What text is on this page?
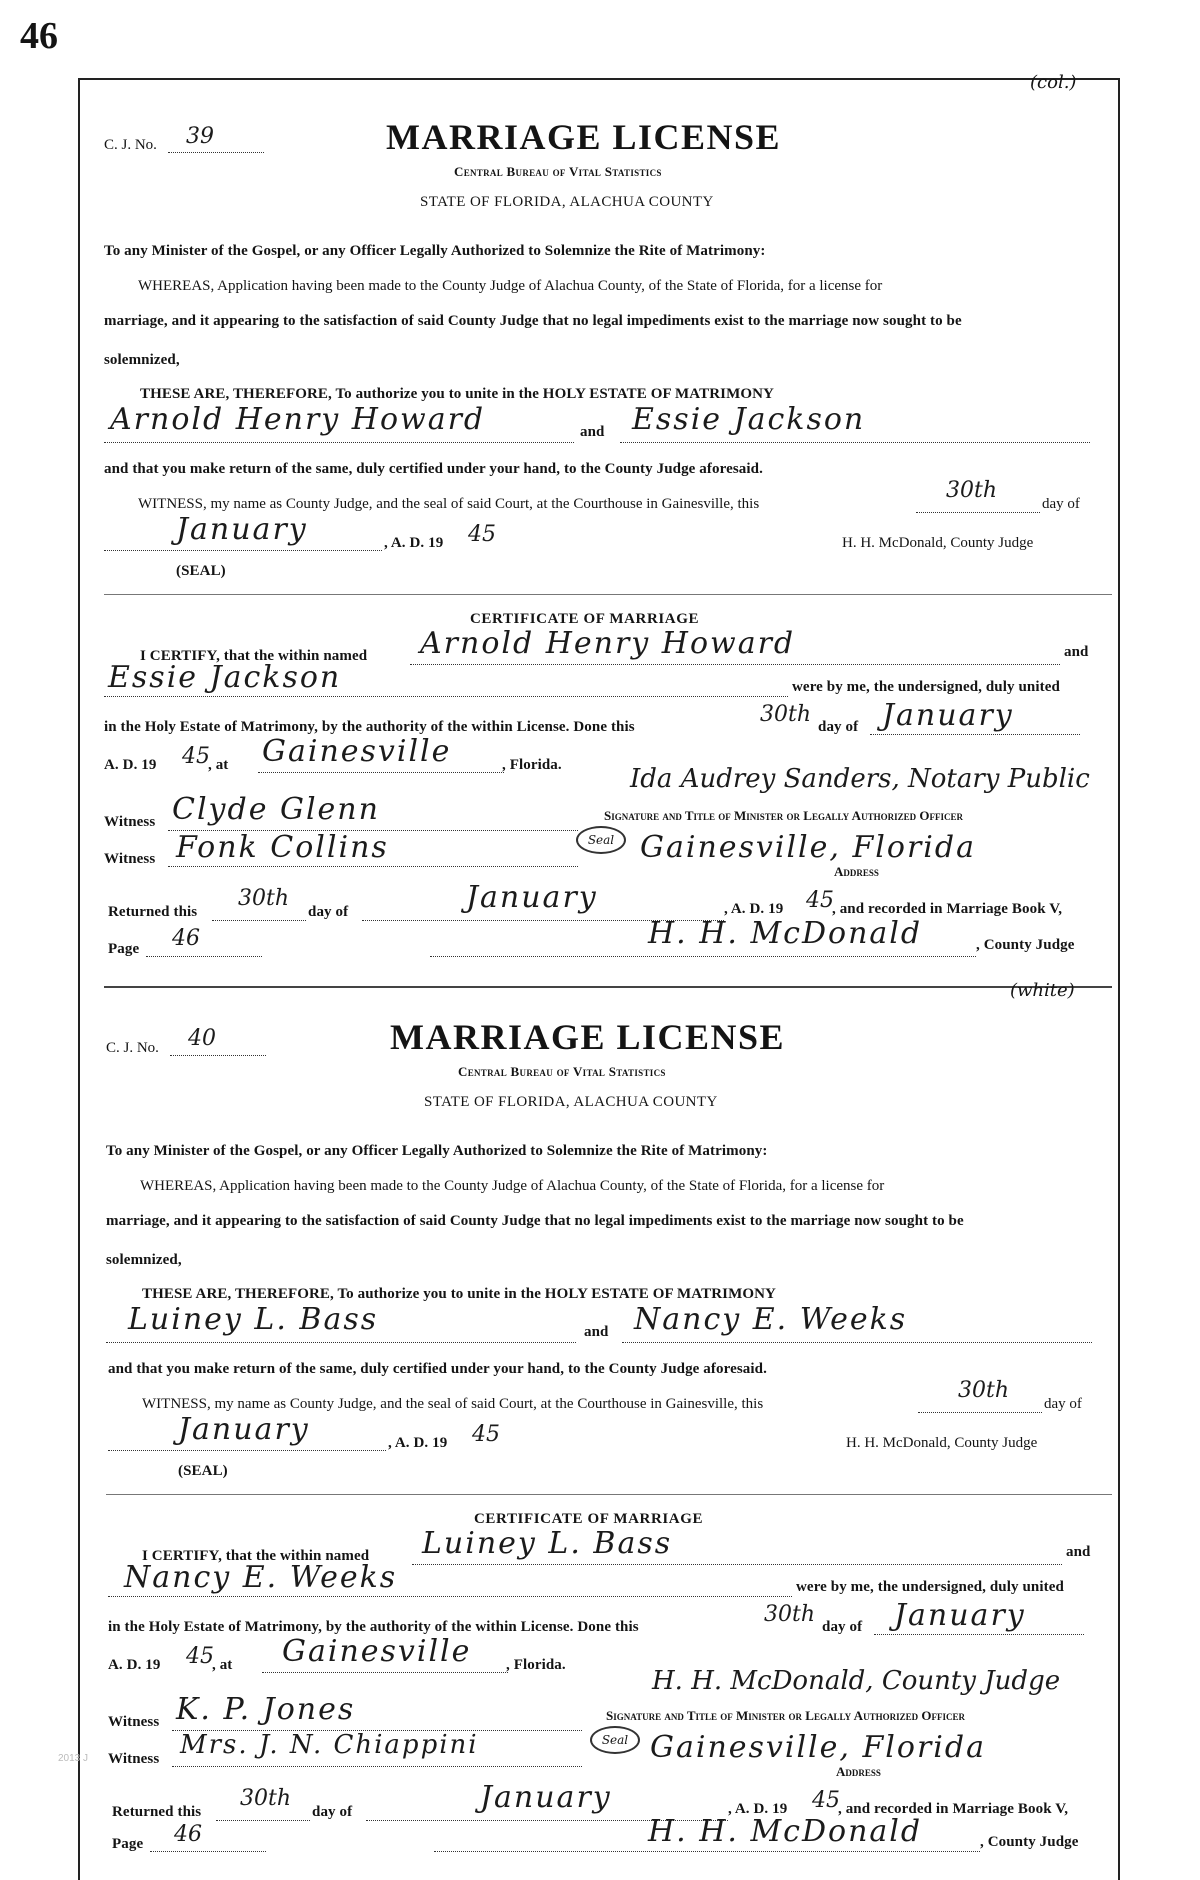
46
(col.)
C. J. No. 39	MARRIAGE LICENSE
Central Bureau of Vital Statistics
STATE OF FLORIDA, ALACHUA COUNTY
To any Minister of the Gospel, or any Officer Legally Authorized to Solemnize the Rite of Matrimony:
WHEREAS, Application having been made to the County Judge of Alachua County, of the State of Florida, for a license for
marriage, and it appearing to the satisfaction of said County Judge that no legal impediments exist to the marriage now sought to be
solemnized,
THESE ARE, THEREFORE, To authorize you to unite in the HOLY ESTATE OF MATRIMONY
Arnold Henry Howard	and Essie Jackson
and that you make return of the same, duly certified under your hand, to the County Judge aforesaid.
WITNESS, my name as County Judge, and the seal of said Court, at the Courthouse in Gainesville, this
30th
day of
January	, A. D. 19 45	H. H. McDonald, County Judge
(SEAL)
CERTIFICATE OF MARRIAGE
I CERTIFY, that the within named Arnold Henry Howard	and
Essie Jackson	were by me, the undersigned, duly united
in the Holy Estate of Matrimony, by the authority of the within License. Done this	30th day of January
A. D. 19 45
, at Gainesville	, Florida.	Ida Audrey Sanders, Notary Public
Witness Clyde Glenn	Signature and Title of Minister or Legally Authorized Officer
Witness Fonk Collins	Seal Gainesville, Florida
Address
Returned this
30th
day of	January	, A. D. 19 45
, and recorded in Marriage Book V,
Page 46	H. H. McDonald	, County Judge
(white)
C. J. No. 40	MARRIAGE LICENSE
Central Bureau of Vital Statistics
STATE OF FLORIDA, ALACHUA COUNTY
To any Minister of the Gospel, or any Officer Legally Authorized to Solemnize the Rite of Matrimony:
WHEREAS, Application having been made to the County Judge of Alachua County, of the State of Florida, for a license for
marriage, and it appearing to the satisfaction of said County Judge that no legal impediments exist to the marriage now sought to be
solemnized,
THESE ARE, THEREFORE, To authorize you to unite in the HOLY ESTATE OF MATRIMONY
Luiney L. Bass	and Nancy E. Weeks
and that you make return of the same, duly certified under your hand, to the County Judge aforesaid.
WITNESS, my name as County Judge, and the seal of said Court, at the Courthouse in Gainesville, this
30th
day of
January	, A. D. 19 45	H. H. McDonald, County Judge
(SEAL)
CERTIFICATE OF MARRIAGE
I CERTIFY, that the within named Luiney L. Bass	and
Nancy E. Weeks	were by me, the undersigned, duly united
in the Holy Estate of Matrimony, by the authority of the within License. Done this	30th day of January
A. D. 19 45
, at Gainesville , Florida.
H. H. McDonald, County Judge
Witness K. P. Jones	Signature and Title of Minister or Legally Authorized Officer
Witness Mrs. J. N. Chiappini	Seal Gainesville, Florida
Address
Returned this
30th
day of	January	, A. D. 19 45
, and recorded in Marriage Book V,
Page 46	H. H. McDonald	, County Judge
2013 J
